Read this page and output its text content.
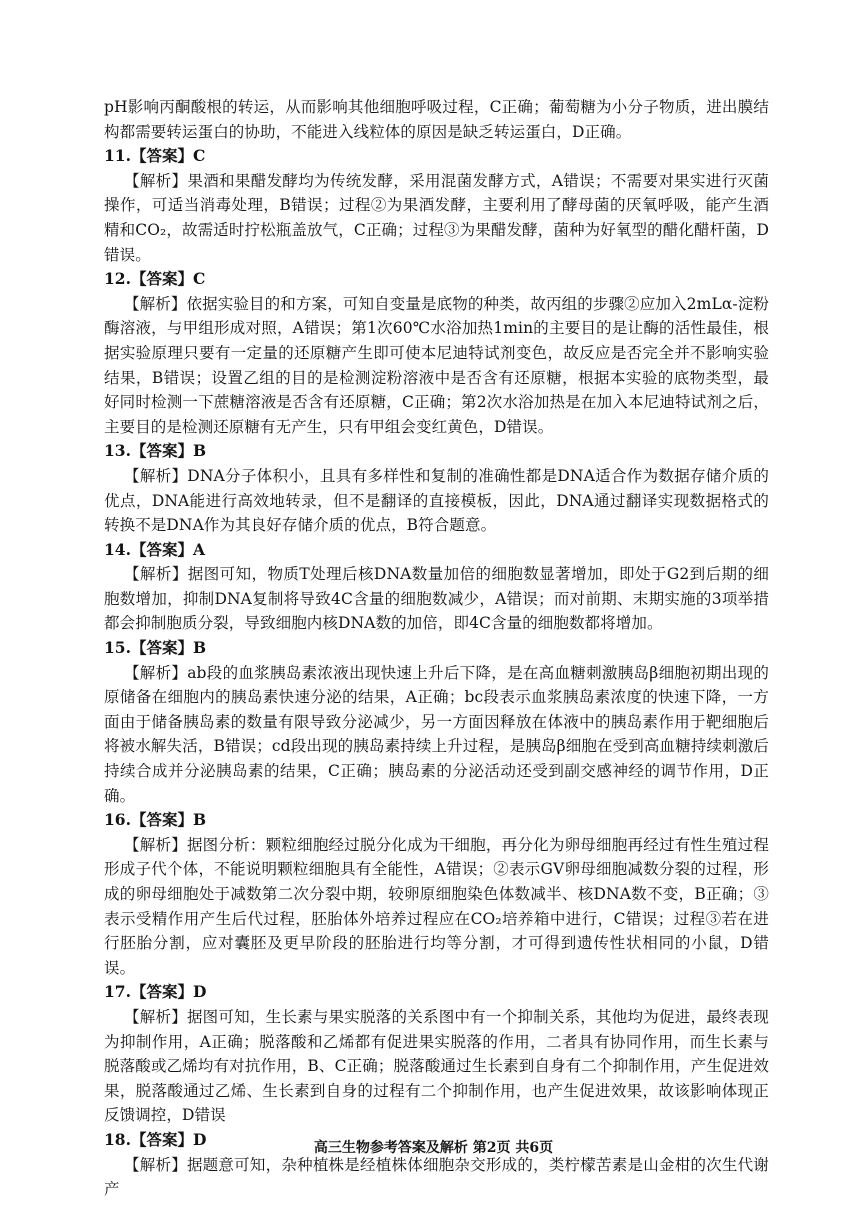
pH影响丙酮酸根的转运，从而影响其他细胞呼吸过程，C正确；葡萄糖为小分子物质，进出膜结构都需要转运蛋白的协助，不能进入线粒体的原因是缺乏转运蛋白，D正确。

11.【答案】C

【解析】果酒和果醋发酵均为传统发酵，采用混菌发酵方式，A错误；不需要对果实进行灭菌操作，可适当消毒处理，B错误；过程②为果酒发酵，主要利用了酵母菌的厌氧呼吸，能产生酒精和CO₂，故需适时拧松瓶盖放气，C正确；过程③为果醋发酵，菌种为好氧型的醋化醋杆菌，D错误。

12.【答案】C

【解析】依据实验目的和方案，可知自变量是底物的种类，故丙组的步骤②应加入2mLα-淀粉酶溶液，与甲组形成对照，A错误；第1次60℃水浴加热1min的主要目的是让酶的活性最佳，根据实验原理只要有一定量的还原糖产生即可使本尼迪特试剂变色，故反应是否完全并不影响实验结果，B错误；设置乙组的目的是检测淀粉溶液中是否含有还原糖，根据本实验的底物类型，最好同时检测一下蔗糖溶液是否含有还原糖，C正确；第2次水浴加热是在加入本尼迪特试剂之后，主要目的是检测还原糖有无产生，只有甲组会变红黄色，D错误。

13.【答案】B

【解析】DNA分子体积小，且具有多样性和复制的准确性都是DNA适合作为数据存储介质的优点，DNA能进行高效地转录，但不是翻译的直接模板，因此，DNA通过翻译实现数据格式的转换不是DNA作为其良好存储介质的优点，B符合题意。

14.【答案】A

【解析】据图可知，物质T处理后核DNA数量加倍的细胞数显著增加，即处于G2到后期的细胞数增加，抑制DNA复制将导致4C含量的细胞数减少，A错误；而对前期、末期实施的3项举措都会抑制胞质分裂，导致细胞内核DNA数的加倍，即4C含量的细胞数都将增加。

15.【答案】B

【解析】ab段的血浆胰岛素浓液出现快速上升后下降，是在高血糖刺激胰岛β细胞初期出现的原储备在细胞内的胰岛素快速分泌的结果，A正确；bc段表示血浆胰岛素浓度的快速下降，一方面由于储备胰岛素的数量有限导致分泌减少，另一方面因释放在体液中的胰岛素作用于靶细胞后将被水解失活，B错误；cd段出现的胰岛素持续上升过程，是胰岛β细胞在受到高血糖持续刺激后持续合成并分泌胰岛素的结果，C正确；胰岛素的分泌活动还受到副交感神经的调节作用，D正确。

16.【答案】B

【解析】据图分析：颗粒细胞经过脱分化成为干细胞，再分化为卵母细胞再经过有性生殖过程形成子代个体，不能说明颗粒细胞具有全能性，A错误；②表示GV卵母细胞减数分裂的过程，形成的卵母细胞处于减数第二次分裂中期，较卵原细胞染色体数减半、核DNA数不变，B正确；③表示受精作用产生后代过程，胚胎体外培养过程应在CO₂培养箱中进行，C错误；过程③若在进行胚胎分割，应对囊胚及更早阶段的胚胎进行均等分割，才可得到遗传性状相同的小鼠，D错误。

17.【答案】D

【解析】据图可知，生长素与果实脱落的关系图中有一个抑制关系，其他均为促进，最终表现为抑制作用，A正确；脱落酸和乙烯都有促进果实脱落的作用，二者具有协同作用，而生长素与脱落酸或乙烯均有对抗作用，B、C正确；脱落酸通过生长素到自身有二个抑制作用，产生促进效果，脱落酸通过乙烯、生长素到自身的过程有二个抑制作用，也产生促进效果，故该影响体现正反馈调控，D错误

18.【答案】D

【解析】据题意可知，杂种植株是经植株体细胞杂交形成的，类柠檬苦素是山金柑的次生代谢产

高三生物参考答案及解析 第2页 共6页
